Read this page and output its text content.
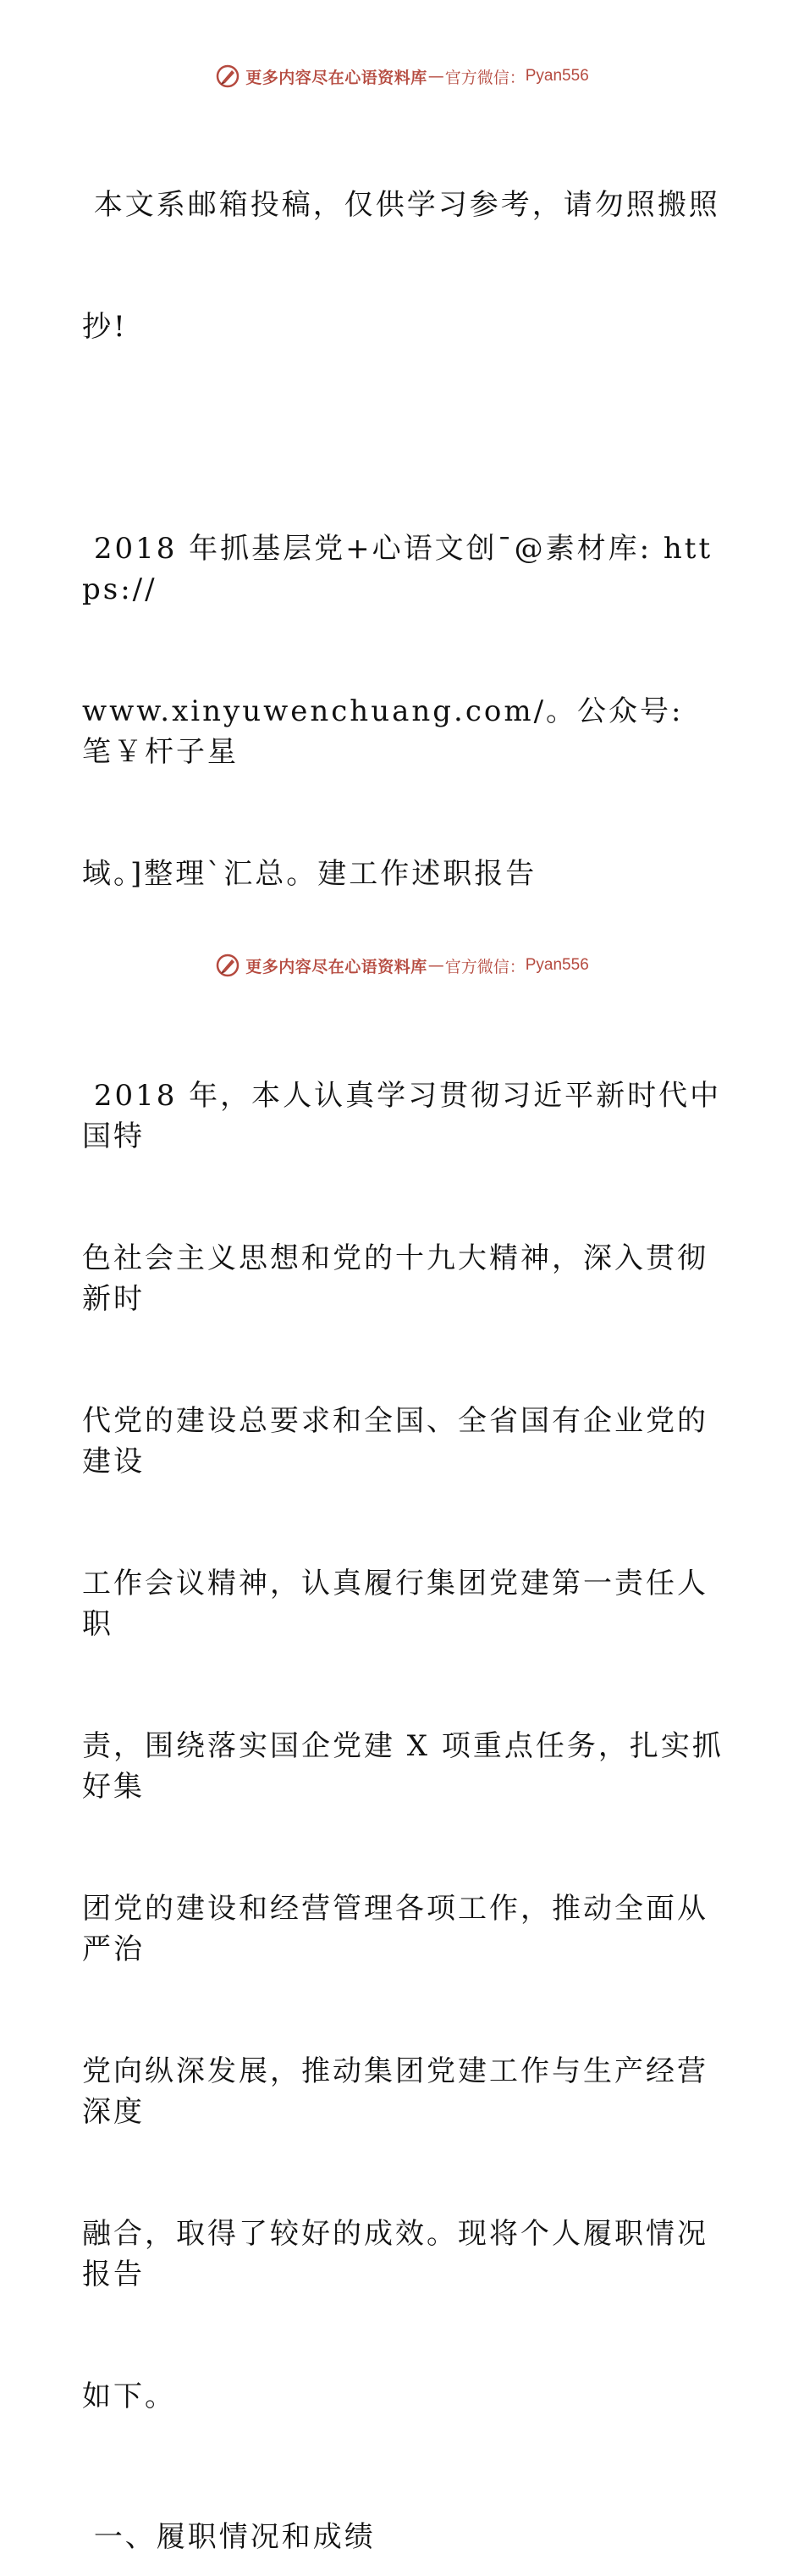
更多内容尽在心语资料库 — 官方微信： Pyan556

本文系邮箱投稿，仅供学习参考，请勿照搬照

抄!

2018 年抓基层党+心语文创¯@素材库: https://

www.xinyuwenchuang.com/。公众号: 笔￥杆子星

域。]整理`汇总。建工作述职报告

2018 年，本人认真学习贯彻习近平新时代中国特

色社会主义思想和党的十九大精神，深入贯彻新时

代党的建设总要求和全国、全省国有企业党的建设

工作会议精神，认真履行集团党建第一责任人职

责，围绕落实国企党建 X 项重点任务，扎实抓好集

团党的建设和经营管理各项工作，推动全面从严治

党向纵深发展，推动集团党建工作与生产经营深度

融合，取得了较好的成效。现将个人履职情况报告

如下。

一、履职情况和成绩
更多内容尽在心语资料库 — 官方微信： Pyan556
